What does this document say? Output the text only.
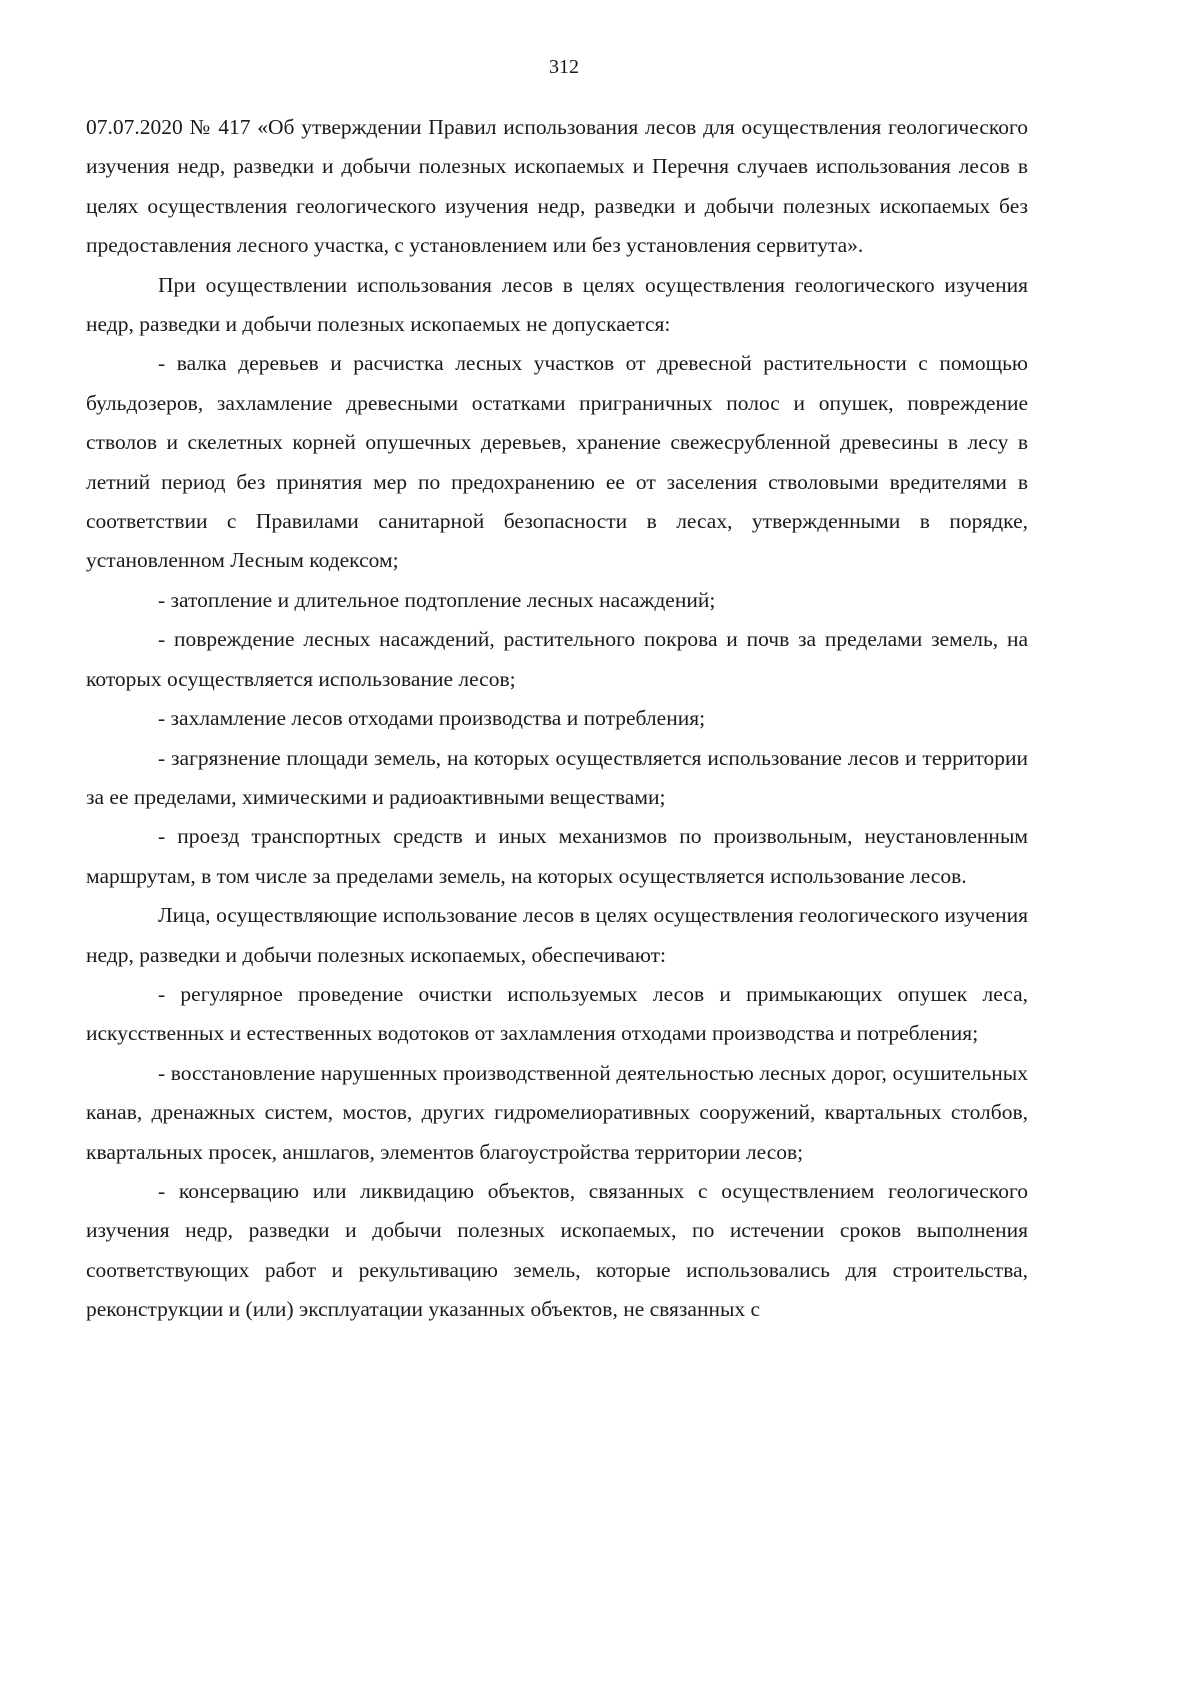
312

07.07.2020 № 417 «Об утверждении Правил использования лесов для осуществления геологического изучения недр, разведки и добычи полезных ископаемых и Перечня случаев использования лесов в целях осуществления геологического изучения недр, разведки и добычи полезных ископаемых без предоставления лесного участка, с установлением или без установления сервитута».

При осуществлении использования лесов в целях осуществления геологического изучения недр, разведки и добычи полезных ископаемых не допускается:

- валка деревьев и расчистка лесных участков от древесной растительности с помощью бульдозеров, захламление древесными остатками приграничных полос и опушек, повреждение стволов и скелетных корней опушечных деревьев, хранение свежесрубленной древесины в лесу в летний период без принятия мер по предохранению ее от заселения стволовыми вредителями в соответствии с Правилами санитарной безопасности в лесах, утвержденными в порядке, установленном Лесным кодексом;

- затопление и длительное подтопление лесных насаждений;

- повреждение лесных насаждений, растительного покрова и почв за пределами земель, на которых осуществляется использование лесов;

- захламление лесов отходами производства и потребления;

- загрязнение площади земель, на которых осуществляется использование лесов и территории за ее пределами, химическими и радиоактивными веществами;

- проезд транспортных средств и иных механизмов по произвольным, неустановленным маршрутам, в том числе за пределами земель, на которых осуществляется использование лесов.

Лица, осуществляющие использование лесов в целях осуществления геологического изучения недр, разведки и добычи полезных ископаемых, обеспечивают:

- регулярное проведение очистки используемых лесов и примыкающих опушек леса, искусственных и естественных водотоков от захламления отходами производства и потребления;

- восстановление нарушенных производственной деятельностью лесных дорог, осушительных канав, дренажных систем, мостов, других гидромелиоративных сооружений, квартальных столбов, квартальных просек, аншлагов, элементов благоустройства территории лесов;

- консервацию или ликвидацию объектов, связанных с осуществлением геологического изучения недр, разведки и добычи полезных ископаемых, по истечении сроков выполнения соответствующих работ и рекультивацию земель, которые использовались для строительства, реконструкции и (или) эксплуатации указанных объектов, не связанных с
